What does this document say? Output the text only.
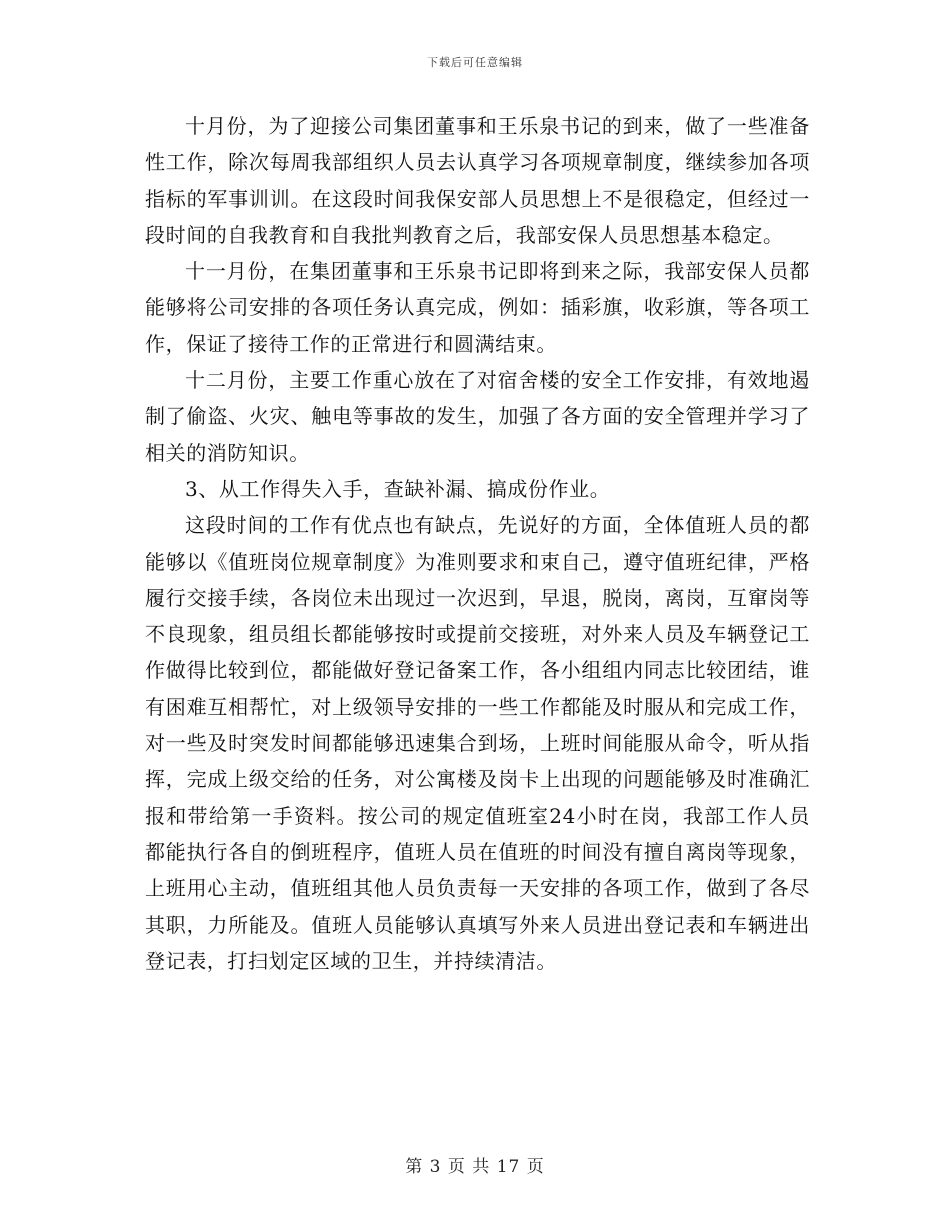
下载后可任意编辑

十月份，为了迎接公司集团董事和王乐泉书记的到来，做了一些准备性工作，除次每周我部组织人员去认真学习各项规章制度，继续参加各项指标的军事训训。在这段时间我保安部人员思想上不是很稳定，但经过一段时间的自我教育和自我批判教育之后，我部安保人员思想基本稳定。

十一月份，在集团董事和王乐泉书记即将到来之际，我部安保人员都能够将公司安排的各项任务认真完成，例如：插彩旗，收彩旗，等各项工作，保证了接待工作的正常进行和圆满结束。

十二月份，主要工作重心放在了对宿舍楼的安全工作安排，有效地遏制了偷盗、火灾、触电等事故的发生，加强了各方面的安全管理并学习了相关的消防知识。

3、从工作得失入手，查缺补漏、搞成份作业。

这段时间的工作有优点也有缺点，先说好的方面，全体值班人员的都能够以《值班岗位规章制度》为准则要求和束自己，遵守值班纪律，严格履行交接手续，各岗位未出现过一次迟到，早退，脱岗，离岗，互窜岗等不良现象，组员组长都能够按时或提前交接班，对外来人员及车辆登记工作做得比较到位，都能做好登记备案工作，各小组组内同志比较团结，谁有困难互相帮忙，对上级领导安排的一些工作都能及时服从和完成工作，对一些及时突发时间都能够迅速集合到场，上班时间能服从命令，听从指挥，完成上级交给的任务，对公寓楼及岗卡上出现的问题能够及时准确汇报和带给第一手资料。按公司的规定值班室24小时在岗，我部工作人员都能执行各自的倒班程序，值班人员在值班的时间没有擅自离岗等现象，上班用心主动，值班组其他人员负责每一天安排的各项工作，做到了各尽其职，力所能及。值班人员能够认真填写外来人员进出登记表和车辆进出登记表，打扫划定区域的卫生，并持续清洁。

第 3 页 共 17 页
